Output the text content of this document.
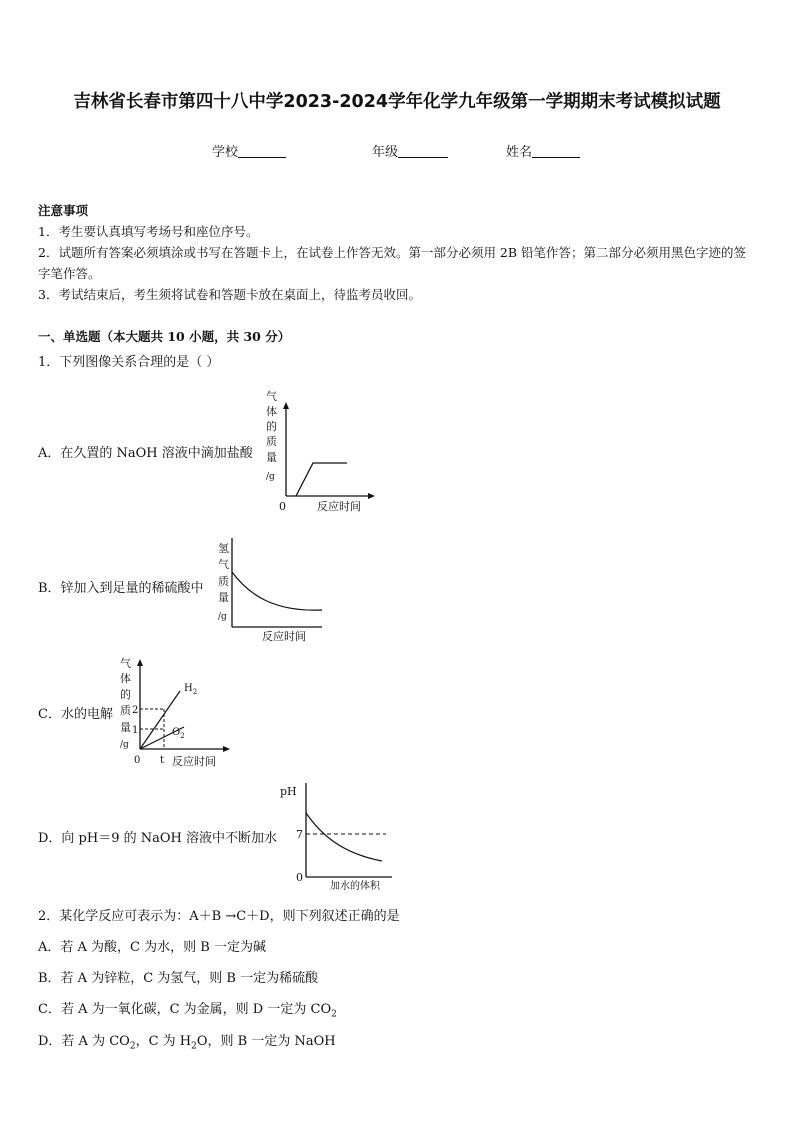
吉林省长春市第四十八中学2023-2024学年化学九年级第一学期期末考试模拟试题
学校	年级	姓名
注意事项
1．考生要认真填写考场号和座位序号。
2．试题所有答案必须填涂或书写在答题卡上，在试卷上作答无效。第一部分必须用 2B 铅笔作答；第二部分必须用黑色字迹的签字笔作答。
3．考试结束后，考生须将试卷和答题卡放在桌面上，待监考员收回。
一、单选题（本大题共 10 小题，共 30 分）
1．下列图像关系合理的是（ ）
A．在久置的 NaOH 溶液中滴加盐酸
气
体
的
质
量
/g
0	反应时间
B．锌加入到足量的稀硫酸中
氢
气
质
量
/g
反应时间
C．水的电解
气
体
的
质
量
/g
2
1
$H_2$
$O_2$
0 t 反应时间
D．向 pH＝9 的 NaOH 溶液中不断加水
pH
7
0
加水的体积
2．某化学反应可表示为：A＋B →C＋D，则下列叙述正确的是
A．若 A 为酸，C 为水，则 B 一定为碱
B．若 A 为锌粒，C 为氢气，则 B 一定为稀硫酸
C．若 A 为一氧化碳，C 为金属，则 D 一定为 $CO_2$
D．若 A 为 $CO_2$，C 为 $H_2O$，则 B 一定为 NaOH
